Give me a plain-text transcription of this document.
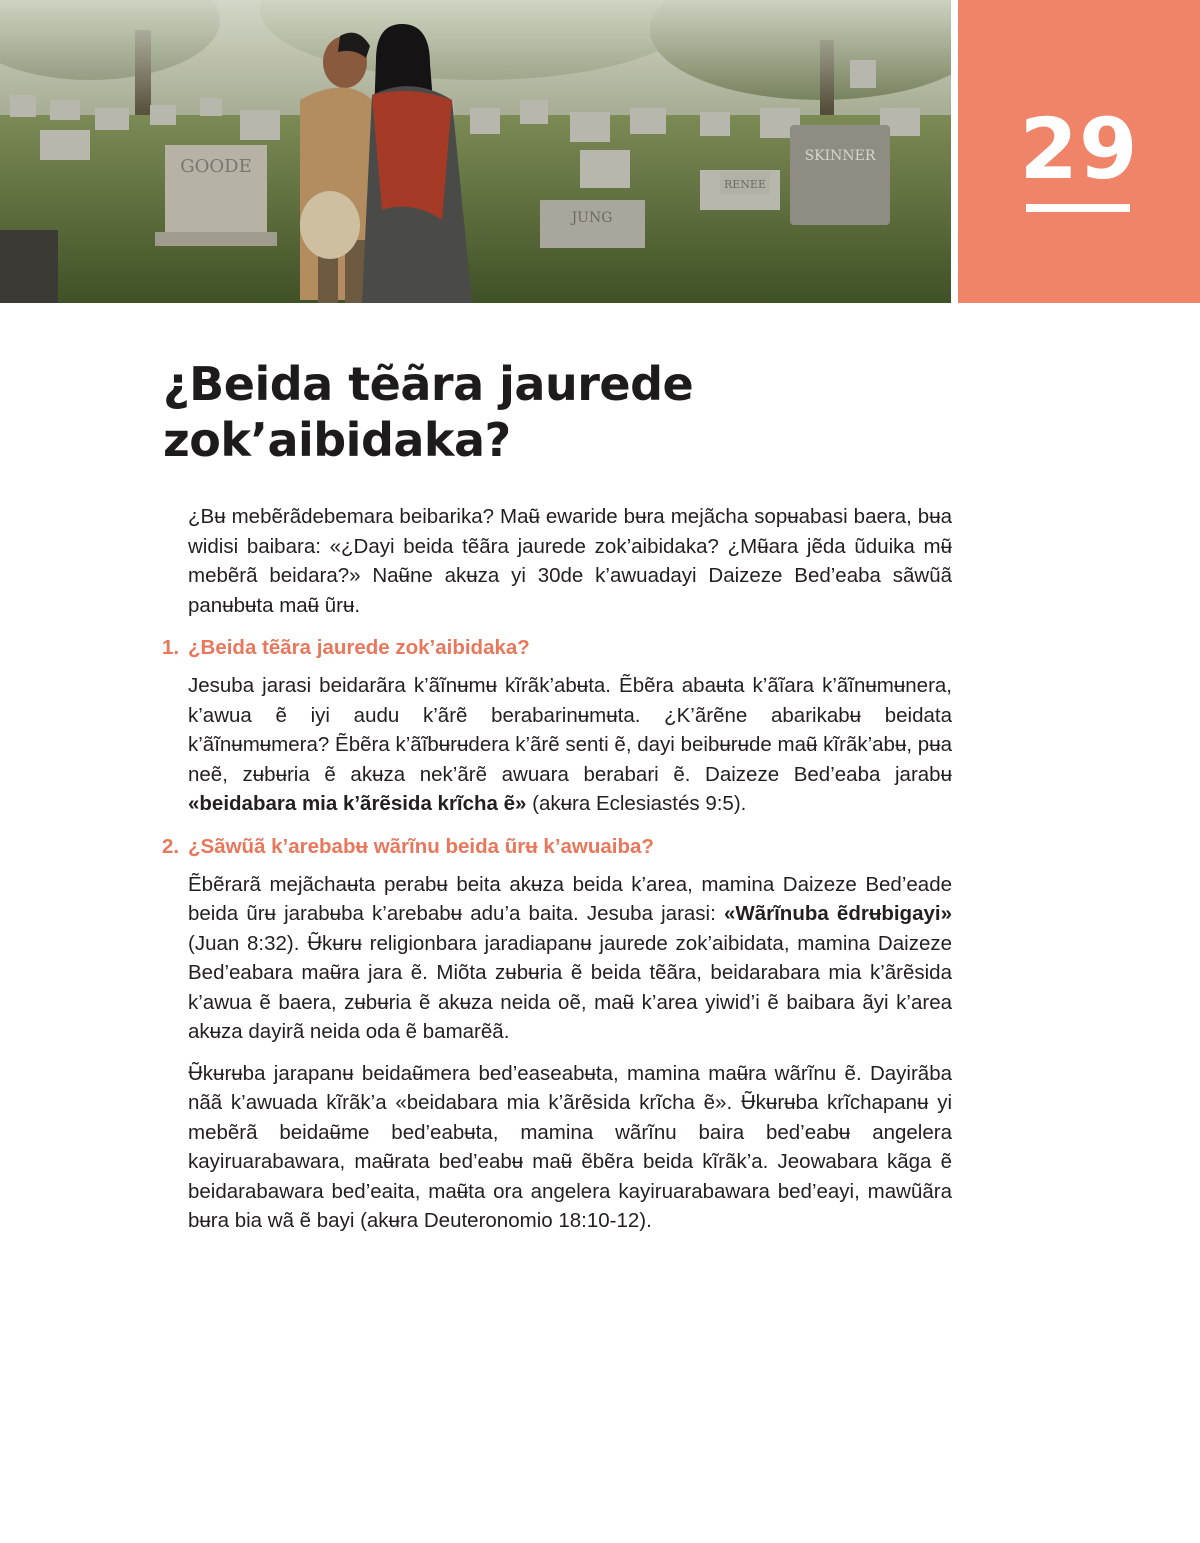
GOODE
JUNG
SKINNER
RENEE	29
¿Beida tẽãra jaurede zok’aibidaka?

¿Bʉ mebẽrãdebemara beibarika? Maʉ̃ ewaride bʉra mejãcha sopʉabasi baera, bʉa widisi baibara: «¿Dayi beida tẽãra jaurede zok’aibidaka? ¿Mʉ̃ara jẽda ũduika mʉ̃ mebẽrã beidara?» Naʉ̃ne akʉza yi 30de k’awuadayi Daizeze Bed’eaba sãwũã panʉbʉta maʉ̃ ũrʉ.

1. ¿Beida tẽãra jaurede zok’aibidaka?

Jesuba jarasi beidarãra k’ãĩnʉmʉ kĩrãk’abʉta. Ẽbẽra abaʉta k’ãĩara k’ãĩnʉmʉnera, k’awua ẽ iyi audu k’ãrẽ berabarinʉmʉta. ¿K’ãrẽne abarikabʉ beidata k’ãĩnʉmʉmera? Ẽbẽra k’ãĩbʉrʉdera k’ãrẽ senti ẽ, dayi beibʉrʉde maʉ̃ kĩrãk’abʉ, pʉa neẽ, zʉbʉria ẽ akʉza nek’ãrẽ awuara berabari ẽ. Daizeze Bed’eaba jarabʉ «beidabara mia k’ãrẽsida krĩcha ẽ» (akʉra Eclesiastés 9:5).

2. ¿Sãwũã k’arebabʉ wãrĩnu beida ũrʉ k’awuaiba?

Ẽbẽrarã mejãchaʉta perabʉ beita akʉza beida k’area, mamina Daizeze Bed’eade beida ũrʉ jarabʉba k’arebabʉ adu’a baita. Jesuba jarasi: «Wãrĩnuba ẽdrʉbigayi» (Juan 8:32). Ʉ̃kʉrʉ religionbara jaradiapanʉ jaurede zok’aibidata, mamina Daizeze Bed’eabara maʉ̃ra jara ẽ. Miõta zʉbʉria ẽ beida tẽãra, beidarabara mia k’ãrẽsida k’awua ẽ baera, zʉbʉria ẽ akʉza neida oẽ, maʉ̃ k’area yiwid’i ẽ baibara ãyi k’area akʉza dayirã neida oda ẽ bamarẽã.

Ʉ̃kʉrʉba jarapanʉ beidaʉ̃mera bed’easeabʉta, mamina maʉ̃ra wãrĩnu ẽ. Dayirãba nãã k’awuada kĩrãk’a «beidabara mia k’ãrẽsida krĩcha ẽ». Ʉ̃kʉrʉba krĩchapanʉ yi mebẽrã beidaʉ̃me bed’eabʉta, mamina wãrĩnu baira bed’eabʉ angelera kayiruarabawara, maʉ̃rata bed’eabʉ maʉ̃ ẽbẽra beida kĩrãk’a. Jeowabara kãga ẽ beidarabawara bed’eaita, maʉ̃ta ora angelera kayiruarabawara bed’eayi, mawũãra bʉra bia wã ẽ bayi (akʉra Deuteronomio 18:10-12).
